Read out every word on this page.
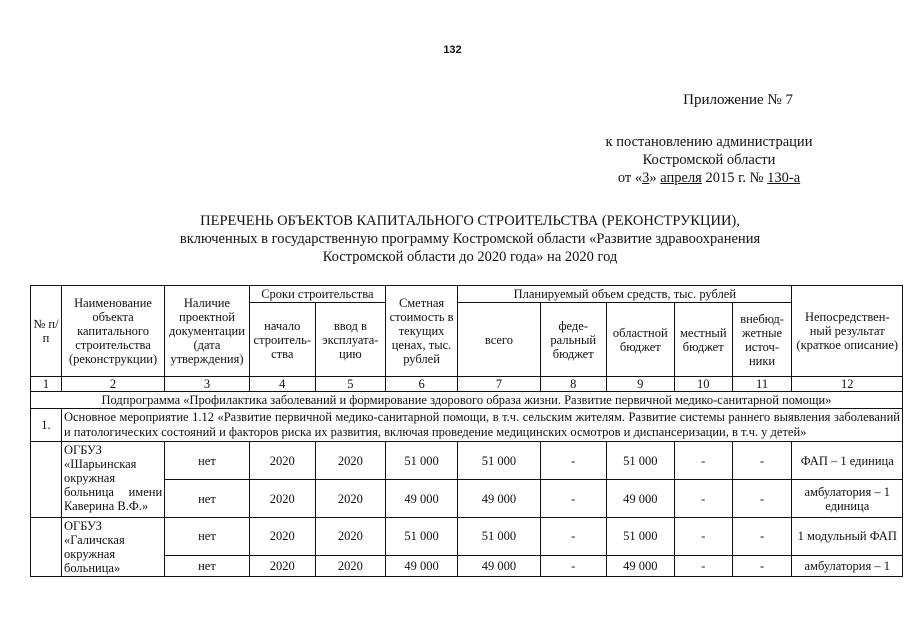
132
Приложение № 7
к постановлению администрации
Костромской области
от «3» апреля 2015 г. № 130-а
ПЕРЕЧЕНЬ ОБЪЕКТОВ КАПИТАЛЬНОГО СТРОИТЕЛЬСТВА (РЕКОНСТРУКЦИИ),
включенных в государственную программу Костромской области «Развитие здравоохранения
Костромской области до 2020 года» на 2020 год
№ п/п	Наименование объекта капитального строительства (реконструкции)	Наличие проектной документации (дата утверждения)	Сроки строительства		Сметная стоимость в текущих ценах, тыс. рублей	Планируемый объем средств, тыс. рублей					Непосредствен-ный результат (краткое описание)
			начало строитель-ства	ввод в эксплуата-цию		всего	феде-ральный бюджет	областной бюджет	местный бюджет	внебюд-жетные источ-ники	
1	2	3	4	5	6	7	8	9	10	11	12
Подпрограмма «Профилактика заболеваний и формирование здорового образа жизни. Развитие первичной медико-санитарной помощи»											
1.	Основное мероприятие 1.12 «Развитие первичной медико-санитарной помощи, в т.ч. сельским жителям. Развитие системы раннего выявления заболеваний и патологических состояний и факторов риска их развития, включая проведение медицинских осмотров и диспансеризации, в т.ч. у детей»										
	ОГБУЗ «Шарьинская окружная больница имени Каверина В.Ф.»	нет	2020	2020	51 000	51 000	-	51 000	-	-	ФАП – 1 единица
		нет	2020	2020	49 000	49 000	-	49 000	-	-	амбулатория – 1 единица
	ОГБУЗ «Галичская окружная больница»	нет	2020	2020	51 000	51 000	-	51 000	-	-	1 модульный ФАП
		нет	2020	2020	49 000	49 000	-	49 000	-	-	амбулатория – 1
